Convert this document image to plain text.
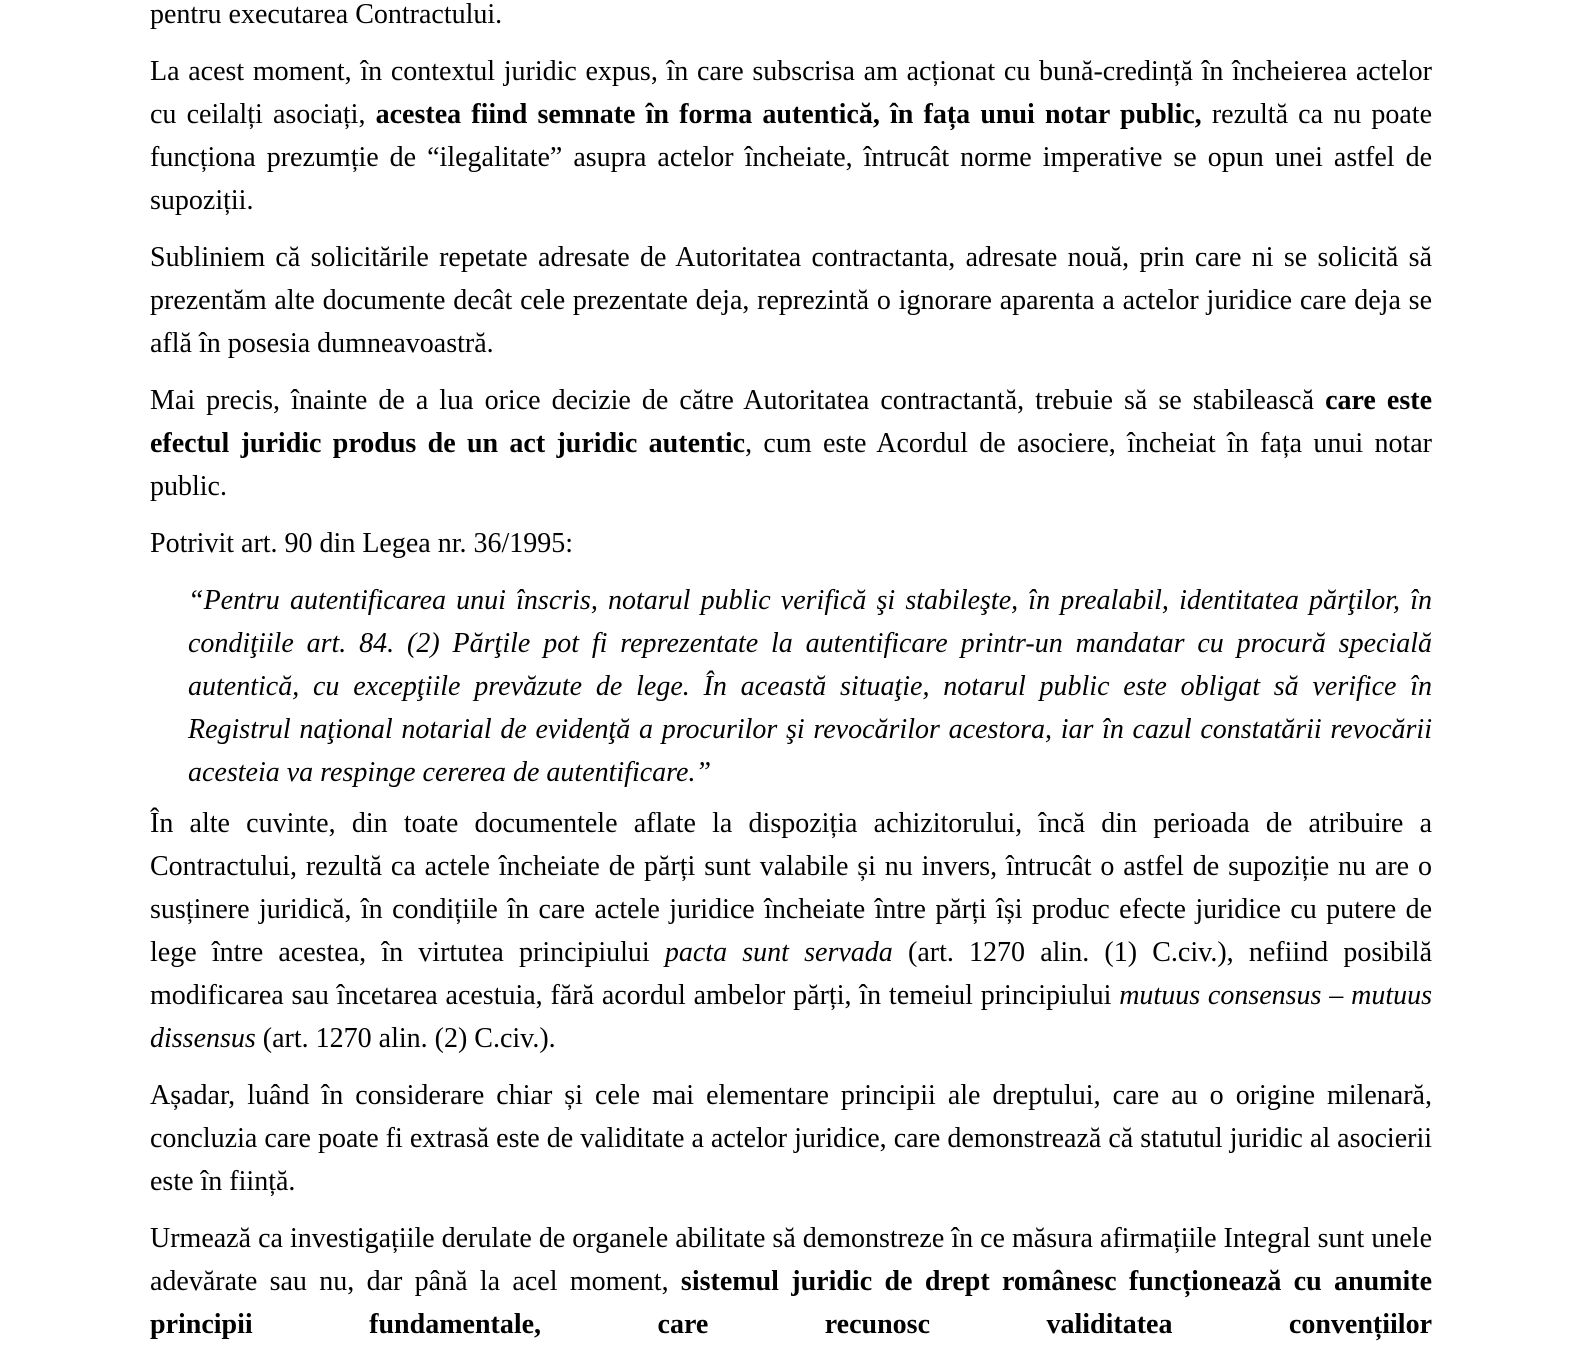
pentru executarea Contractului.

La acest moment, în contextul juridic expus, în care subscrisa am acționat cu bună-credință în încheierea actelor cu ceilalți asociați, acestea fiind semnate în forma autentică, în fața unui notar public, rezultă ca nu poate funcționa prezumție de “ilegalitate” asupra actelor încheiate, întrucât norme imperative se opun unei astfel de supoziții.

Subliniem că solicitările repetate adresate de Autoritatea contractanta, adresate nouă, prin care ni se solicită să prezentăm alte documente decât cele prezentate deja, reprezintă o ignorare aparenta a actelor juridice care deja se află în posesia dumneavoastră.

Mai precis, înainte de a lua orice decizie de către Autoritatea contractantă, trebuie să se stabilească care este efectul juridic produs de un act juridic autentic, cum este Acordul de asociere, încheiat în fața unui notar public.

Potrivit art. 90 din Legea nr. 36/1995:

“Pentru autentificarea unui înscris, notarul public verifică şi stabileşte, în prealabil, identitatea părţilor, în condiţiile art. 84. (2) Părţile pot fi reprezentate la autentificare printr-un mandatar cu procură specială autentică, cu excepţiile prevăzute de lege. În această situaţie, notarul public este obligat să verifice în Registrul naţional notarial de evidenţă a procurilor şi revocărilor acestora, iar în cazul constatării revocării acesteia va respinge cererea de autentificare.”

În alte cuvinte, din toate documentele aflate la dispoziția achizitorului, încă din perioada de atribuire a Contractului, rezultă ca actele încheiate de părți sunt valabile și nu invers, întrucât o astfel de supoziție nu are o susținere juridică, în condițiile în care actele juridice încheiate între părți își produc efecte juridice cu putere de lege între acestea, în virtutea principiului pacta sunt servada (art. 1270 alin. (1) C.civ.), nefiind posibilă modificarea sau încetarea acestuia, fără acordul ambelor părți, în temeiul principiului mutuus consensus – mutuus dissensus (art. 1270 alin. (2) C.civ.).

Așadar, luând în considerare chiar și cele mai elementare principii ale dreptului, care au o origine milenară, concluzia care poate fi extrasă este de validitate a actelor juridice, care demonstrează că statutul juridic al asocierii este în ființă.

Urmează ca investigațiile derulate de organele abilitate să demonstreze în ce măsura afirmațiile Integral sunt unele adevărate sau nu, dar până la acel moment, sistemul juridic de drept românesc funcționează cu anumite principii fundamentale, care recunosc validitatea convențiilor
